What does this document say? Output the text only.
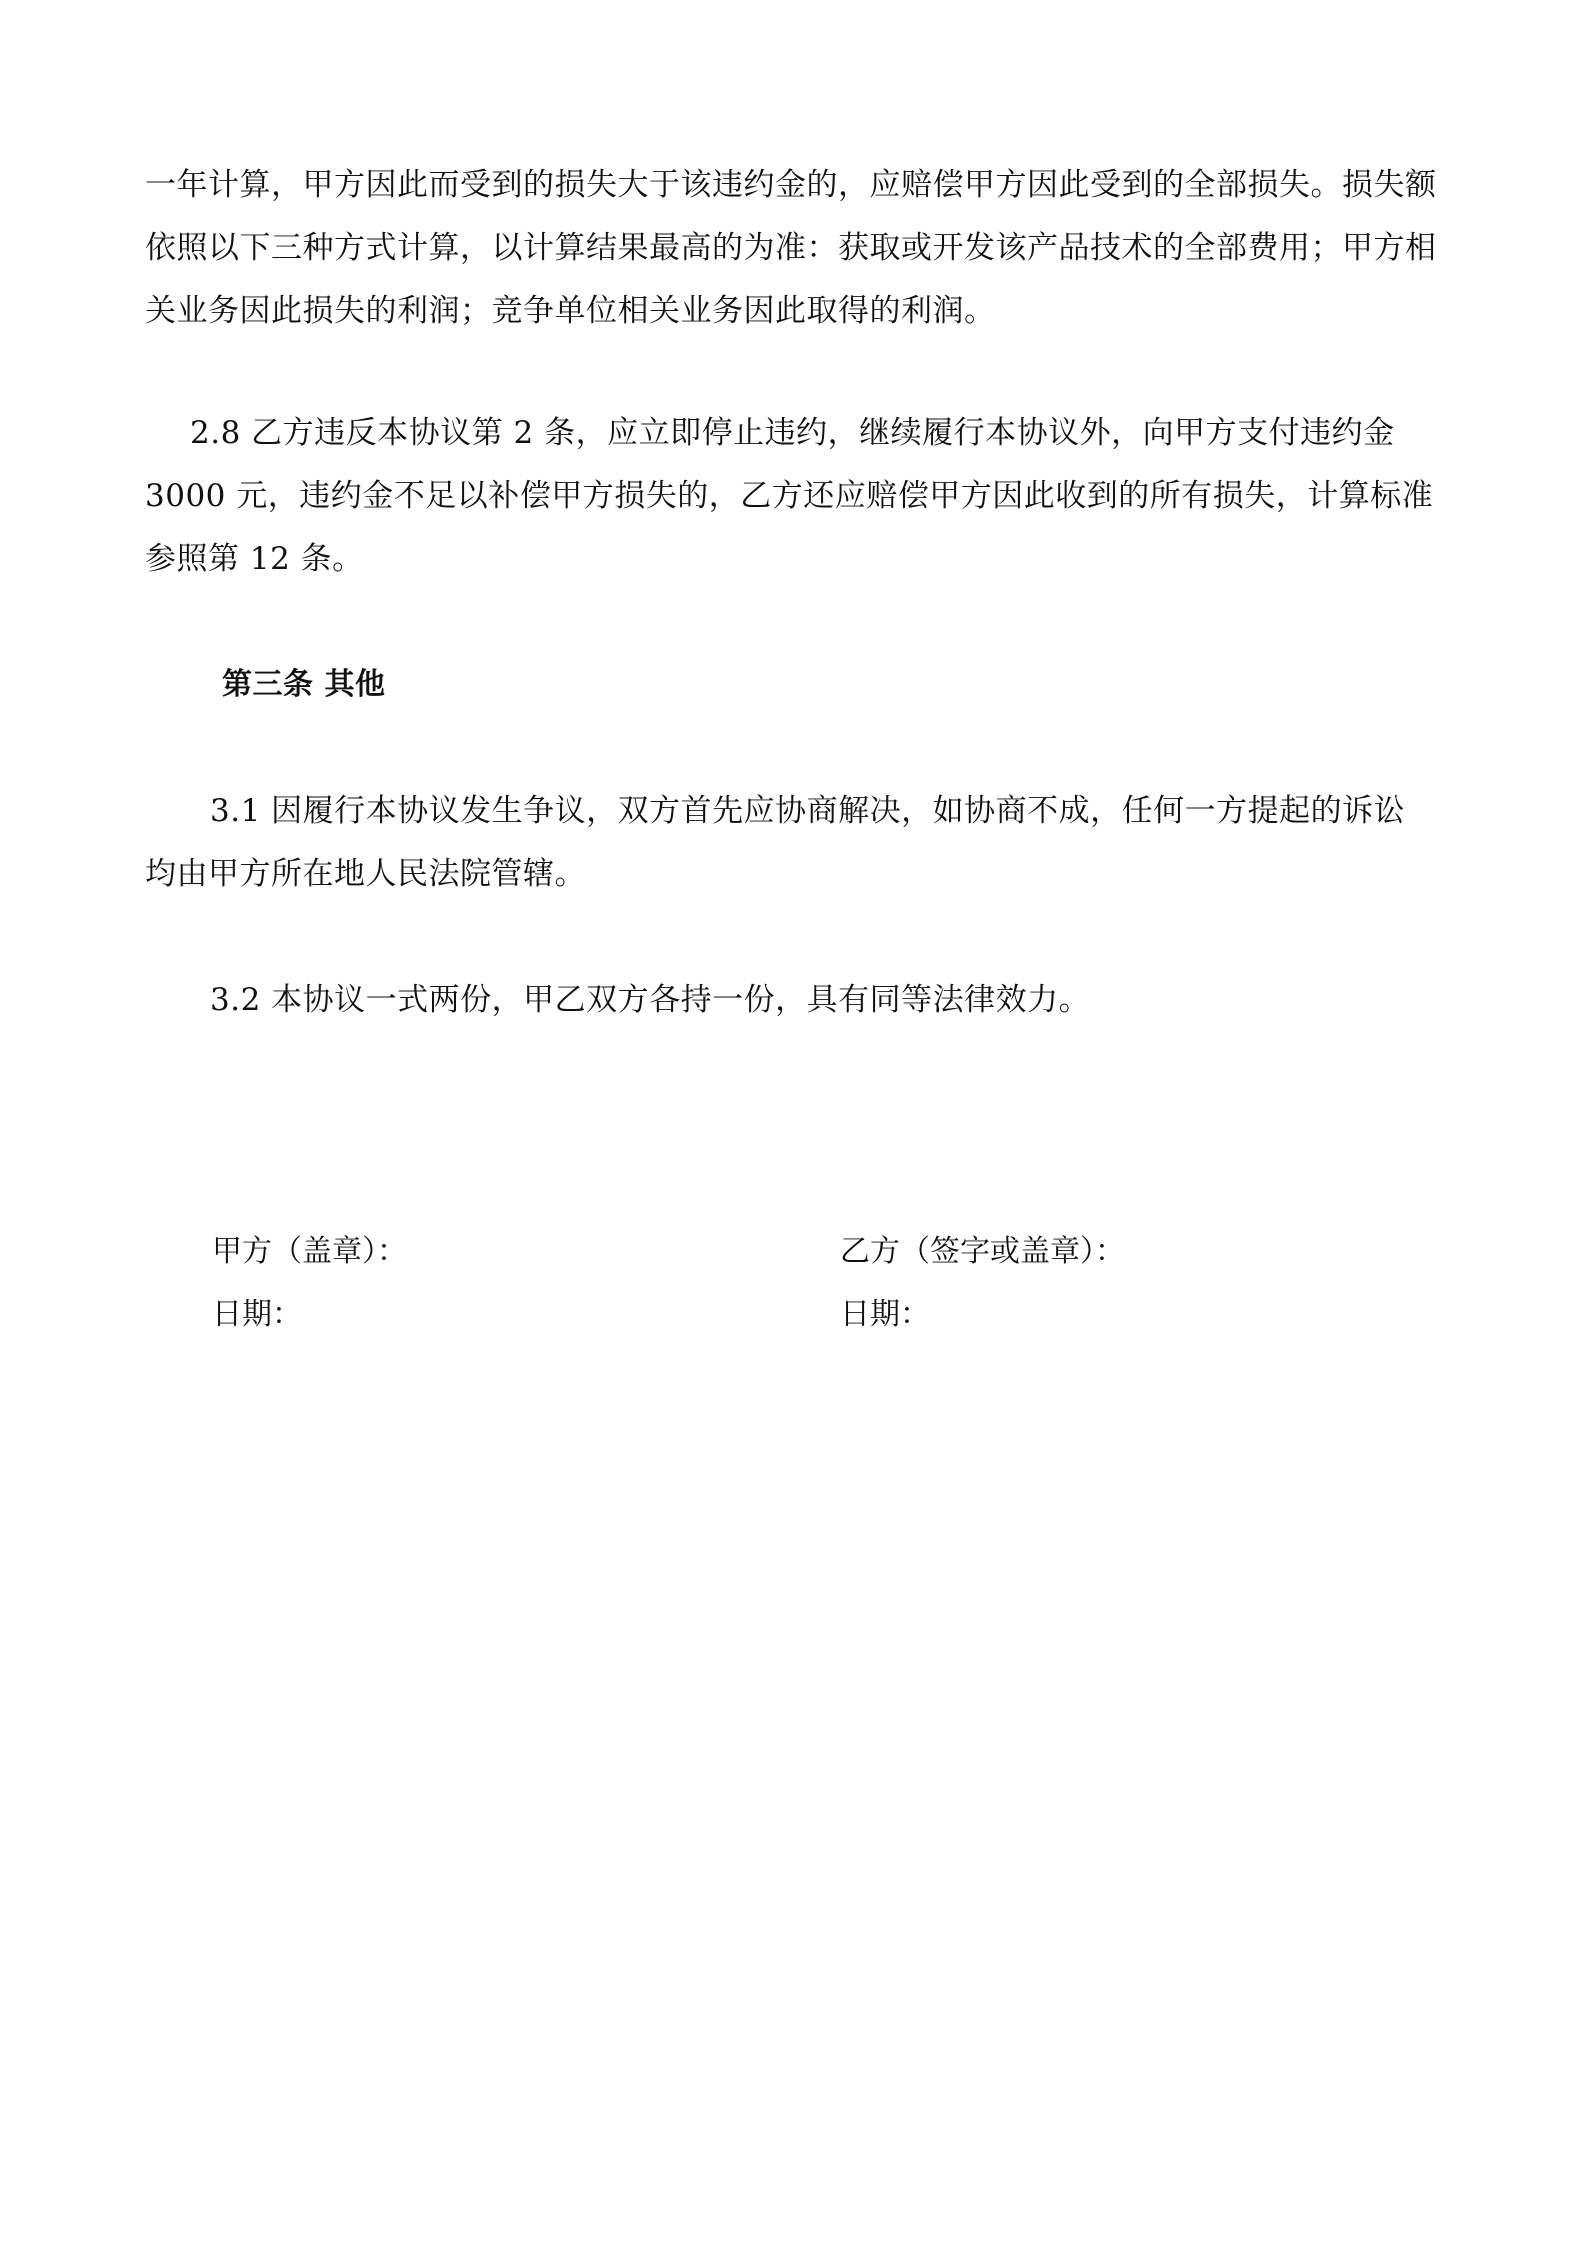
一年计算，甲方因此而受到的损失大于该违约金的，应赔偿甲方因此受到的全部损失。损失额
依照以下三种方式计算，以计算结果最高的为准：获取或开发该产品技术的全部费用；甲方相
关业务因此损失的利润；竞争单位相关业务因此取得的利润。
2.8 乙方违反本协议第 2 条，应立即停止违约，继续履行本协议外，向甲方支付违约金
3000 元，违约金不足以补偿甲方损失的，乙方还应赔偿甲方因此收到的所有损失，计算标准
参照第 12 条。
第三条 其他
3.1 因履行本协议发生争议，双方首先应协商解决，如协商不成，任何一方提起的诉讼
均由甲方所在地人民法院管辖。
3.2 本协议一式两份，甲乙双方各持一份，具有同等法律效力。
甲方（盖章）：
日期：
乙方（签字或盖章）：
日期：
